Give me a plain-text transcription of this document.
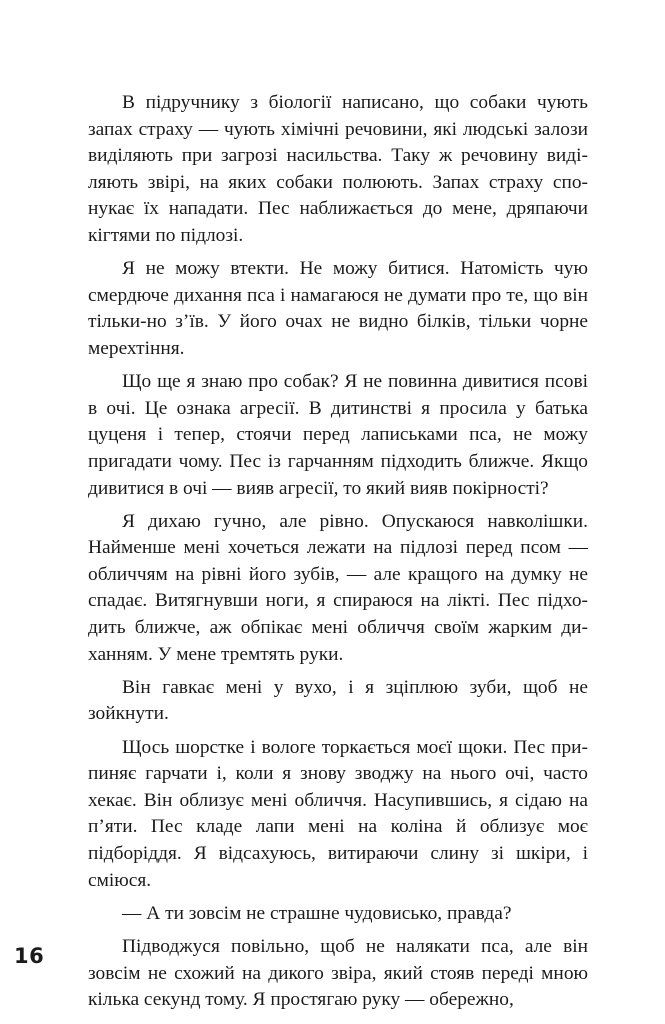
В підручнику з біології написано, що собаки чують запах страху — чують хімічні речовини, які людські залози виділяють при загрозі насильства. Таку ж речовину виділяють звірі, на яких собаки полюють. Запах страху спонукає їх нападати. Пес наближається до мене, дряпаючи кігтями по підлозі.

Я не можу втекти. Не можу битися. Натомість чую смердюче дихання пса і намагаюся не думати про те, що він тільки-но з’їв. У його очах не видно білків, тільки чорне мерехтіння.

Що ще я знаю про собак? Я не повинна дивитися псові в очі. Це ознака агресії. В дитинстві я просила у батька цуценя і тепер, стоячи перед лаписьками пса, не можу пригадати чому. Пес із гарчанням підходить ближче. Якщо дивитися в очі — вияв агресії, то який вияв покірності?

Я дихаю гучно, але рівно. Опускаюся навколішки. Найменше мені хочеться лежати на підлозі перед псом — обличчям на рівні його зубів, — але кращого на думку не спадає. Витягнувши ноги, я спираюся на лікті. Пес підходить ближче, аж обпікає мені обличчя своїм жарким диханням. У мене тремтять руки.

Він гавкає мені у вухо, і я зціплюю зуби, щоб не зойкнути.

Щось шорстке і вологе торкається моєї щоки. Пес припиняє гарчати і, коли я знову зводжу на нього очі, часто хекає. Він облизує мені обличчя. Насупившись, я сідаю на п’яти. Пес кладе лапи мені на коліна й облизує моє підборіддя. Я відсахуюсь, витираючи слину зі шкіри, і смiюся.

— А ти зовсім не страшне чудовисько, правда?

Підводжуся повільно, щоб не налякати пса, але він зовсім не схожий на дикого звіра, який стояв переді мною кілька секунд тому. Я простягаю руку — обережно,

16
